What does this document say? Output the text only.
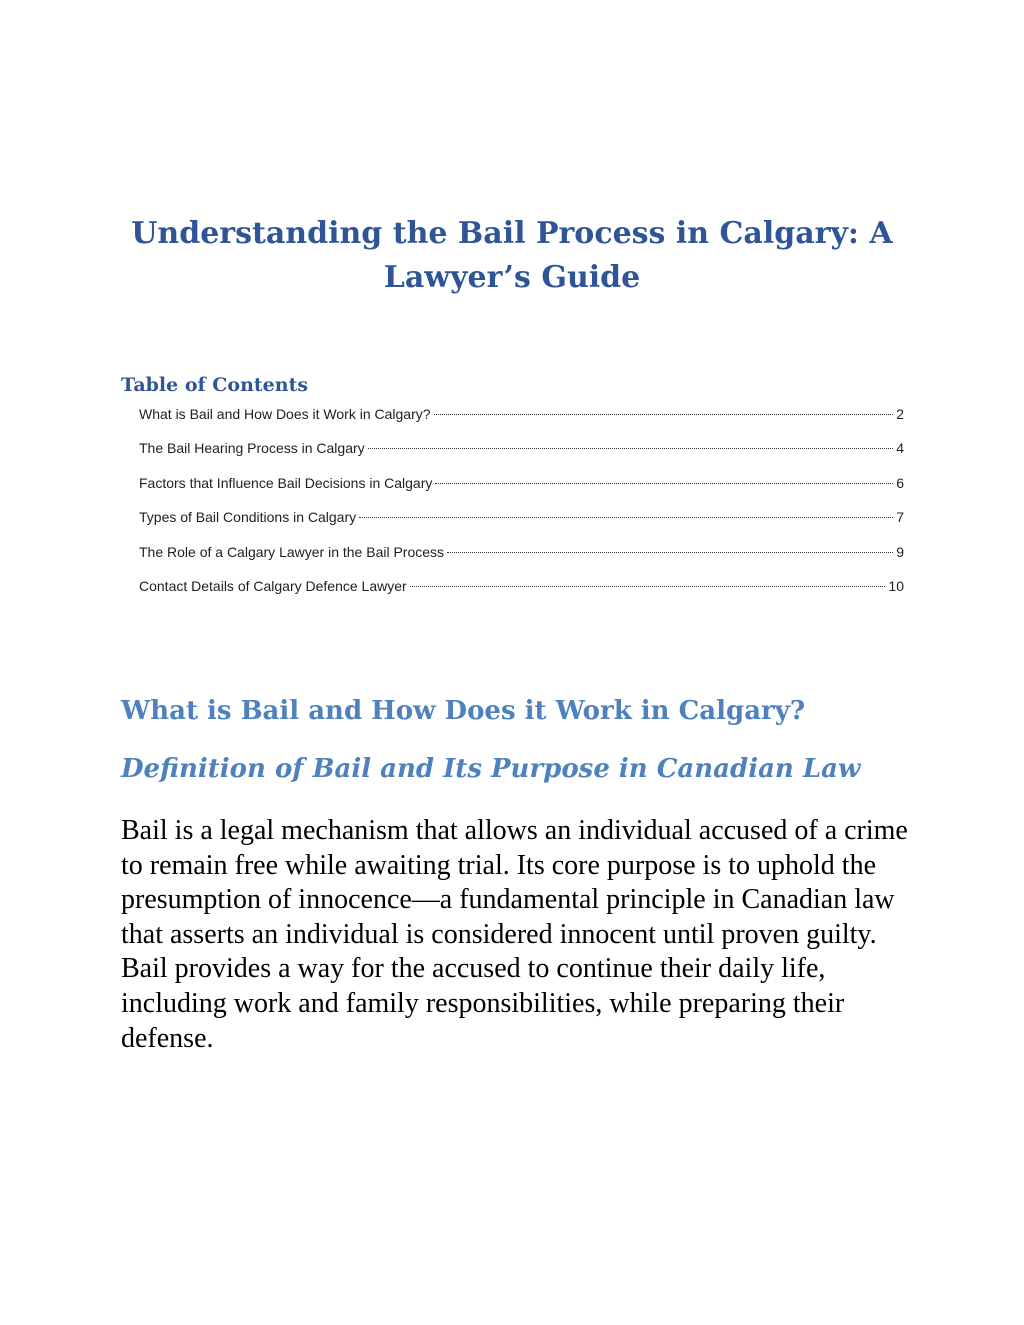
Understanding the Bail Process in Calgary: A Lawyer’s Guide
Table of Contents
What is Bail and How Does it Work in Calgary?	2
The Bail Hearing Process in Calgary	4
Factors that Influence Bail Decisions in Calgary	6
Types of Bail Conditions in Calgary	7
The Role of a Calgary Lawyer in the Bail Process	9
Contact Details of Calgary Defence Lawyer	10
What is Bail and How Does it Work in Calgary?
Definition of Bail and Its Purpose in Canadian Law

Bail is a legal mechanism that allows an individual accused of a crime to remain free while awaiting trial. Its core purpose is to uphold the presumption of innocence—a fundamental principle in Canadian law that asserts an individual is considered innocent until proven guilty. Bail provides a way for the accused to continue their daily life, including work and family responsibilities, while preparing their defense.
